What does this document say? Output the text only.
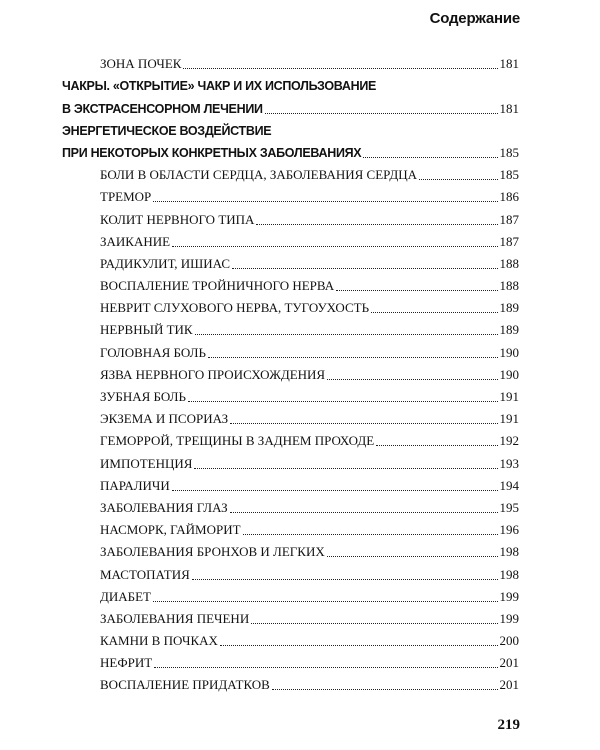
Содержание
ЗОНА ПОЧЕК	181
ЧАКРЫ. «ОТКРЫТИЕ» ЧАКР И ИХ ИСПОЛЬЗОВАНИЕ
В ЭКСТРАСЕНСОРНОМ ЛЕЧЕНИИ	181
ЭНЕРГЕТИЧЕСКОЕ ВОЗДЕЙСТВИЕ
ПРИ НЕКОТОРЫХ КОНКРЕТНЫХ ЗАБОЛЕВАНИЯХ	185
БОЛИ В ОБЛАСТИ СЕРДЦА, ЗАБОЛЕВАНИЯ СЕРДЦА	185
ТРЕМОР	186
КОЛИТ НЕРВНОГО ТИПА	187
ЗАИКАНИЕ	187
РАДИКУЛИТ, ИШИАС	188
ВОСПАЛЕНИЕ ТРОЙНИЧНОГО НЕРВА	188
НЕВРИТ СЛУХОВОГО НЕРВА, ТУГОУХОСТЬ	189
НЕРВНЫЙ ТИК	189
ГОЛОВНАЯ БОЛЬ	190
ЯЗВА НЕРВНОГО ПРОИСХОЖДЕНИЯ	190
ЗУБНАЯ БОЛЬ	191
ЭКЗЕМА И ПСОРИАЗ	191
ГЕМОРРОЙ, ТРЕЩИНЫ В ЗАДНЕМ ПРОХОДЕ	192
ИМПОТЕНЦИЯ	193
ПАРАЛИЧИ	194
ЗАБОЛЕВАНИЯ ГЛАЗ	195
НАСМОРК, ГАЙМОРИТ	196
ЗАБОЛЕВАНИЯ БРОНХОВ И ЛЕГКИХ	198
МАСТОПАТИЯ	198
ДИАБЕТ	199
ЗАБОЛЕВАНИЯ ПЕЧЕНИ	199
КАМНИ В ПОЧКАХ	200
НЕФРИТ	201
ВОСПАЛЕНИЕ ПРИДАТКОВ	201
219
